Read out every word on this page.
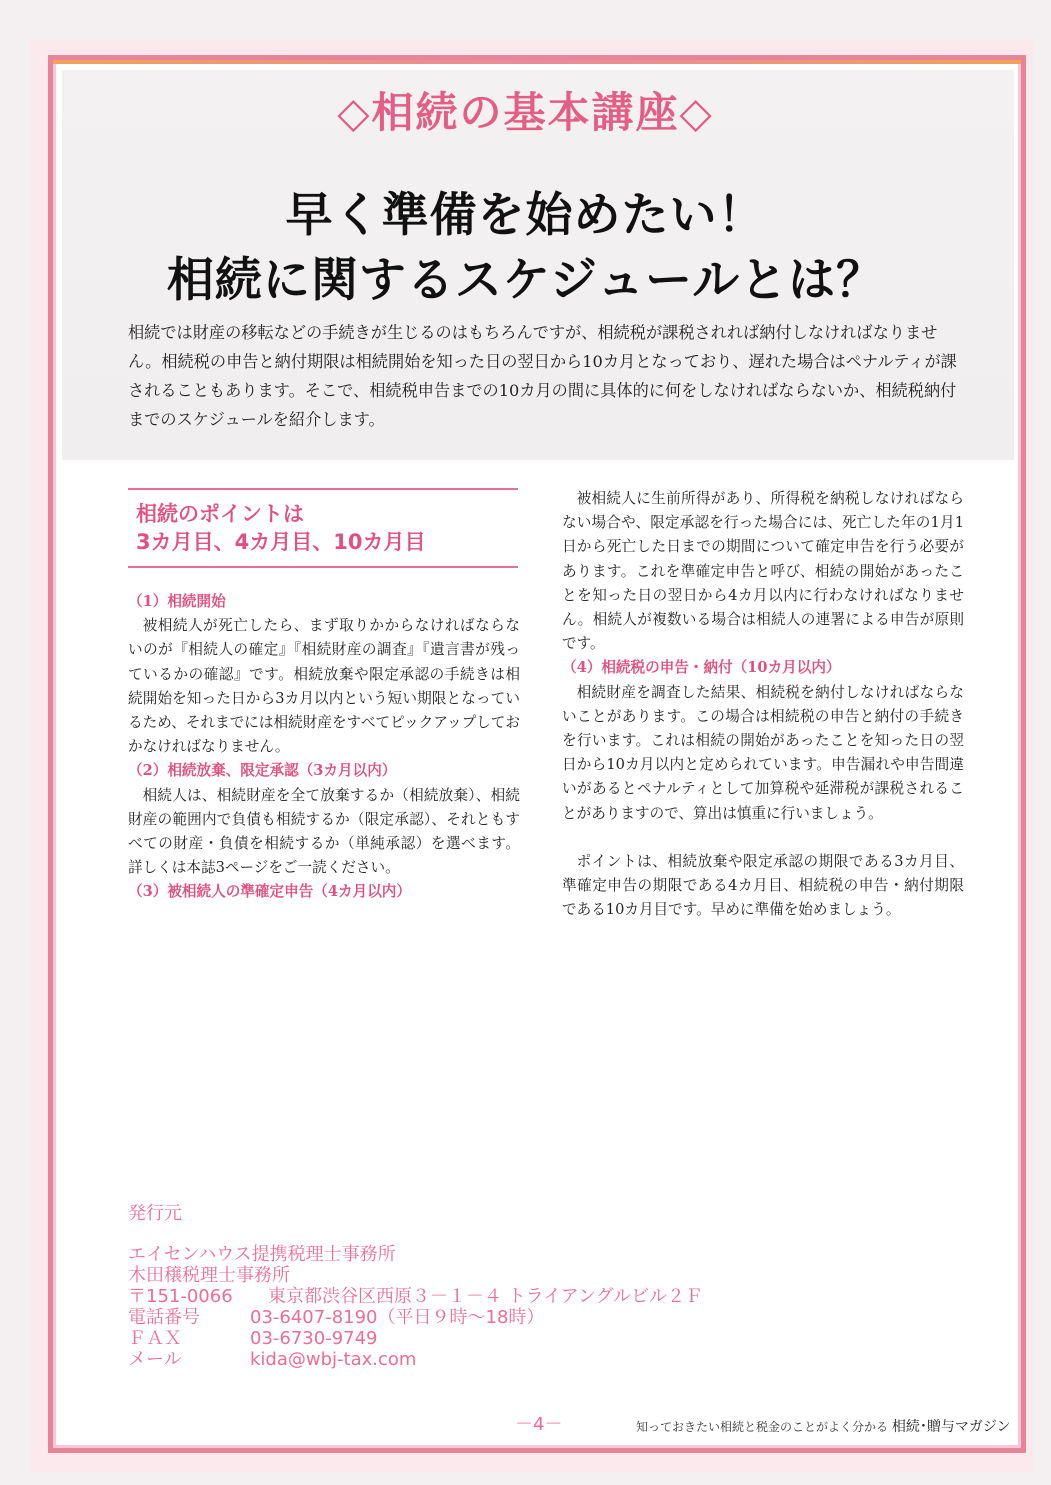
◇相続の基本講座◇
早く準備を始めたい！
相続に関するスケジュールとは？

相続では財産の移転などの手続きが生じるのはもちろんですが、相続税が課税されれば納付しなければなりません。相続税の申告と納付期限は相続開始を知った日の翌日から10カ月となっており、遅れた場合はペナルティが課されることもあります。そこで、相続税申告までの10カ月の間に具体的に何をしなければならないか、相続税納付までのスケジュールを紹介します。

相続のポイントは
3カ月目、4カ月目、10カ月目

（1）相続開始

被相続人が死亡したら、まず取りかからなければならないのが『相続人の確定』『相続財産の調査』『遺言書が残っているかの確認』です。相続放棄や限定承認の手続きは相続開始を知った日から3カ月以内という短い期限となっているため、それまでには相続財産をすべてピックアップしておかなければなりません。

（2）相続放棄、限定承認（3カ月以内）

相続人は、相続財産を全て放棄するか（相続放棄）、相続財産の範囲内で負債も相続するか（限定承認）、それともすべての財産・負債を相続するか（単純承認）を選べます。詳しくは本誌3ページをご一読ください。

（3）被相続人の準確定申告（4カ月以内）

被相続人に生前所得があり、所得税を納税しなければならない場合や、限定承認を行った場合には、死亡した年の1月1日から死亡した日までの期間について確定申告を行う必要があります。これを準確定申告と呼び、相続の開始があったことを知った日の翌日から4カ月以内に行わなければなりません。相続人が複数いる場合は相続人の連署による申告が原則です。

（4）相続税の申告・納付（10カ月以内）

相続財産を調査した結果、相続税を納付しなければならないことがあります。この場合は相続税の申告と納付の手続きを行います。これは相続の開始があったことを知った日の翌日から10カ月以内と定められています。申告漏れや申告間違いがあるとペナルティとして加算税や延滞税が課税されることがありますので、算出は慎重に行いましょう。

ポイントは、相続放棄や限定承認の期限である3カ月目、準確定申告の期限である4カ月目、相続税の申告・納付期限である10カ月目です。早めに準備を始めましょう。

発行元
エイセンハウス提携税理士事務所
木田穣税理士事務所
〒151-0066	東京都渋谷区西原３－１－４ トライアングルビル２Ｆ
電話番号	03-6407-8190（平日９時～18時）
ＦＡＸ	03-6730-9749
メール	kida@wbj-tax.com
－4－	知っておきたい相続と税金のことがよく分かる 相続･贈与マガジン
